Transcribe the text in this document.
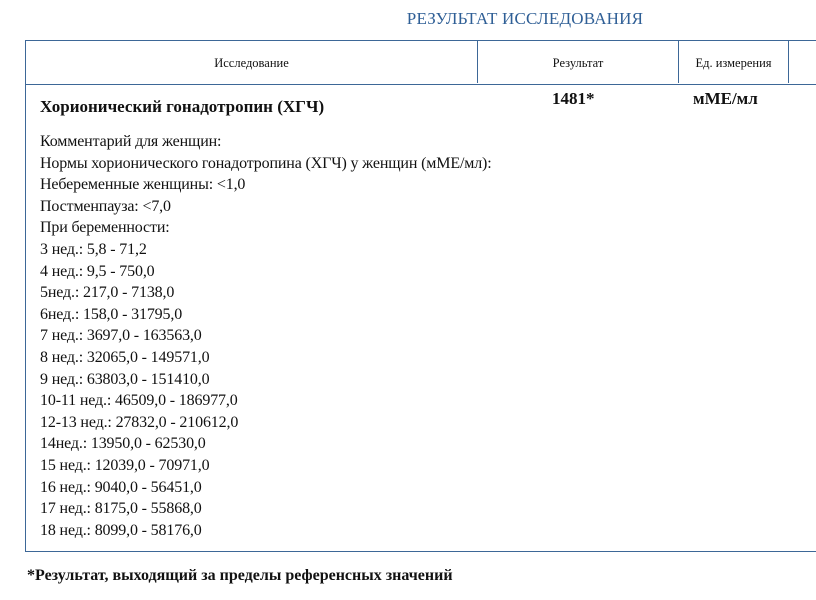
РЕЗУЛЬТАТ ИССЛЕДОВАНИЯ
Исследование	Результат	Ед. измерения
Хорионический гонадотропин (ХГЧ)	1481*	мМЕ/мл
Комментарий для женщин:
Нормы хорионического гонадотропина (ХГЧ) у женщин (мМЕ/мл):
Небеременные женщины: <1,0
Постменпауза: <7,0
При беременности:
3 нед.: 5,8 - 71,2
4 нед.: 9,5 - 750,0
5нед.: 217,0 - 7138,0
6нед.: 158,0 - 31795,0
7 нед.: 3697,0 - 163563,0
8 нед.: 32065,0 - 149571,0
9 нед.: 63803,0 - 151410,0
10-11 нед.: 46509,0 - 186977,0
12-13 нед.: 27832,0 - 210612,0
14нед.: 13950,0 - 62530,0
15 нед.: 12039,0 - 70971,0
16 нед.: 9040,0 - 56451,0
17 нед.: 8175,0 - 55868,0
18 нед.: 8099,0 - 58176,0
*Результат, выходящий за пределы референсных значений
